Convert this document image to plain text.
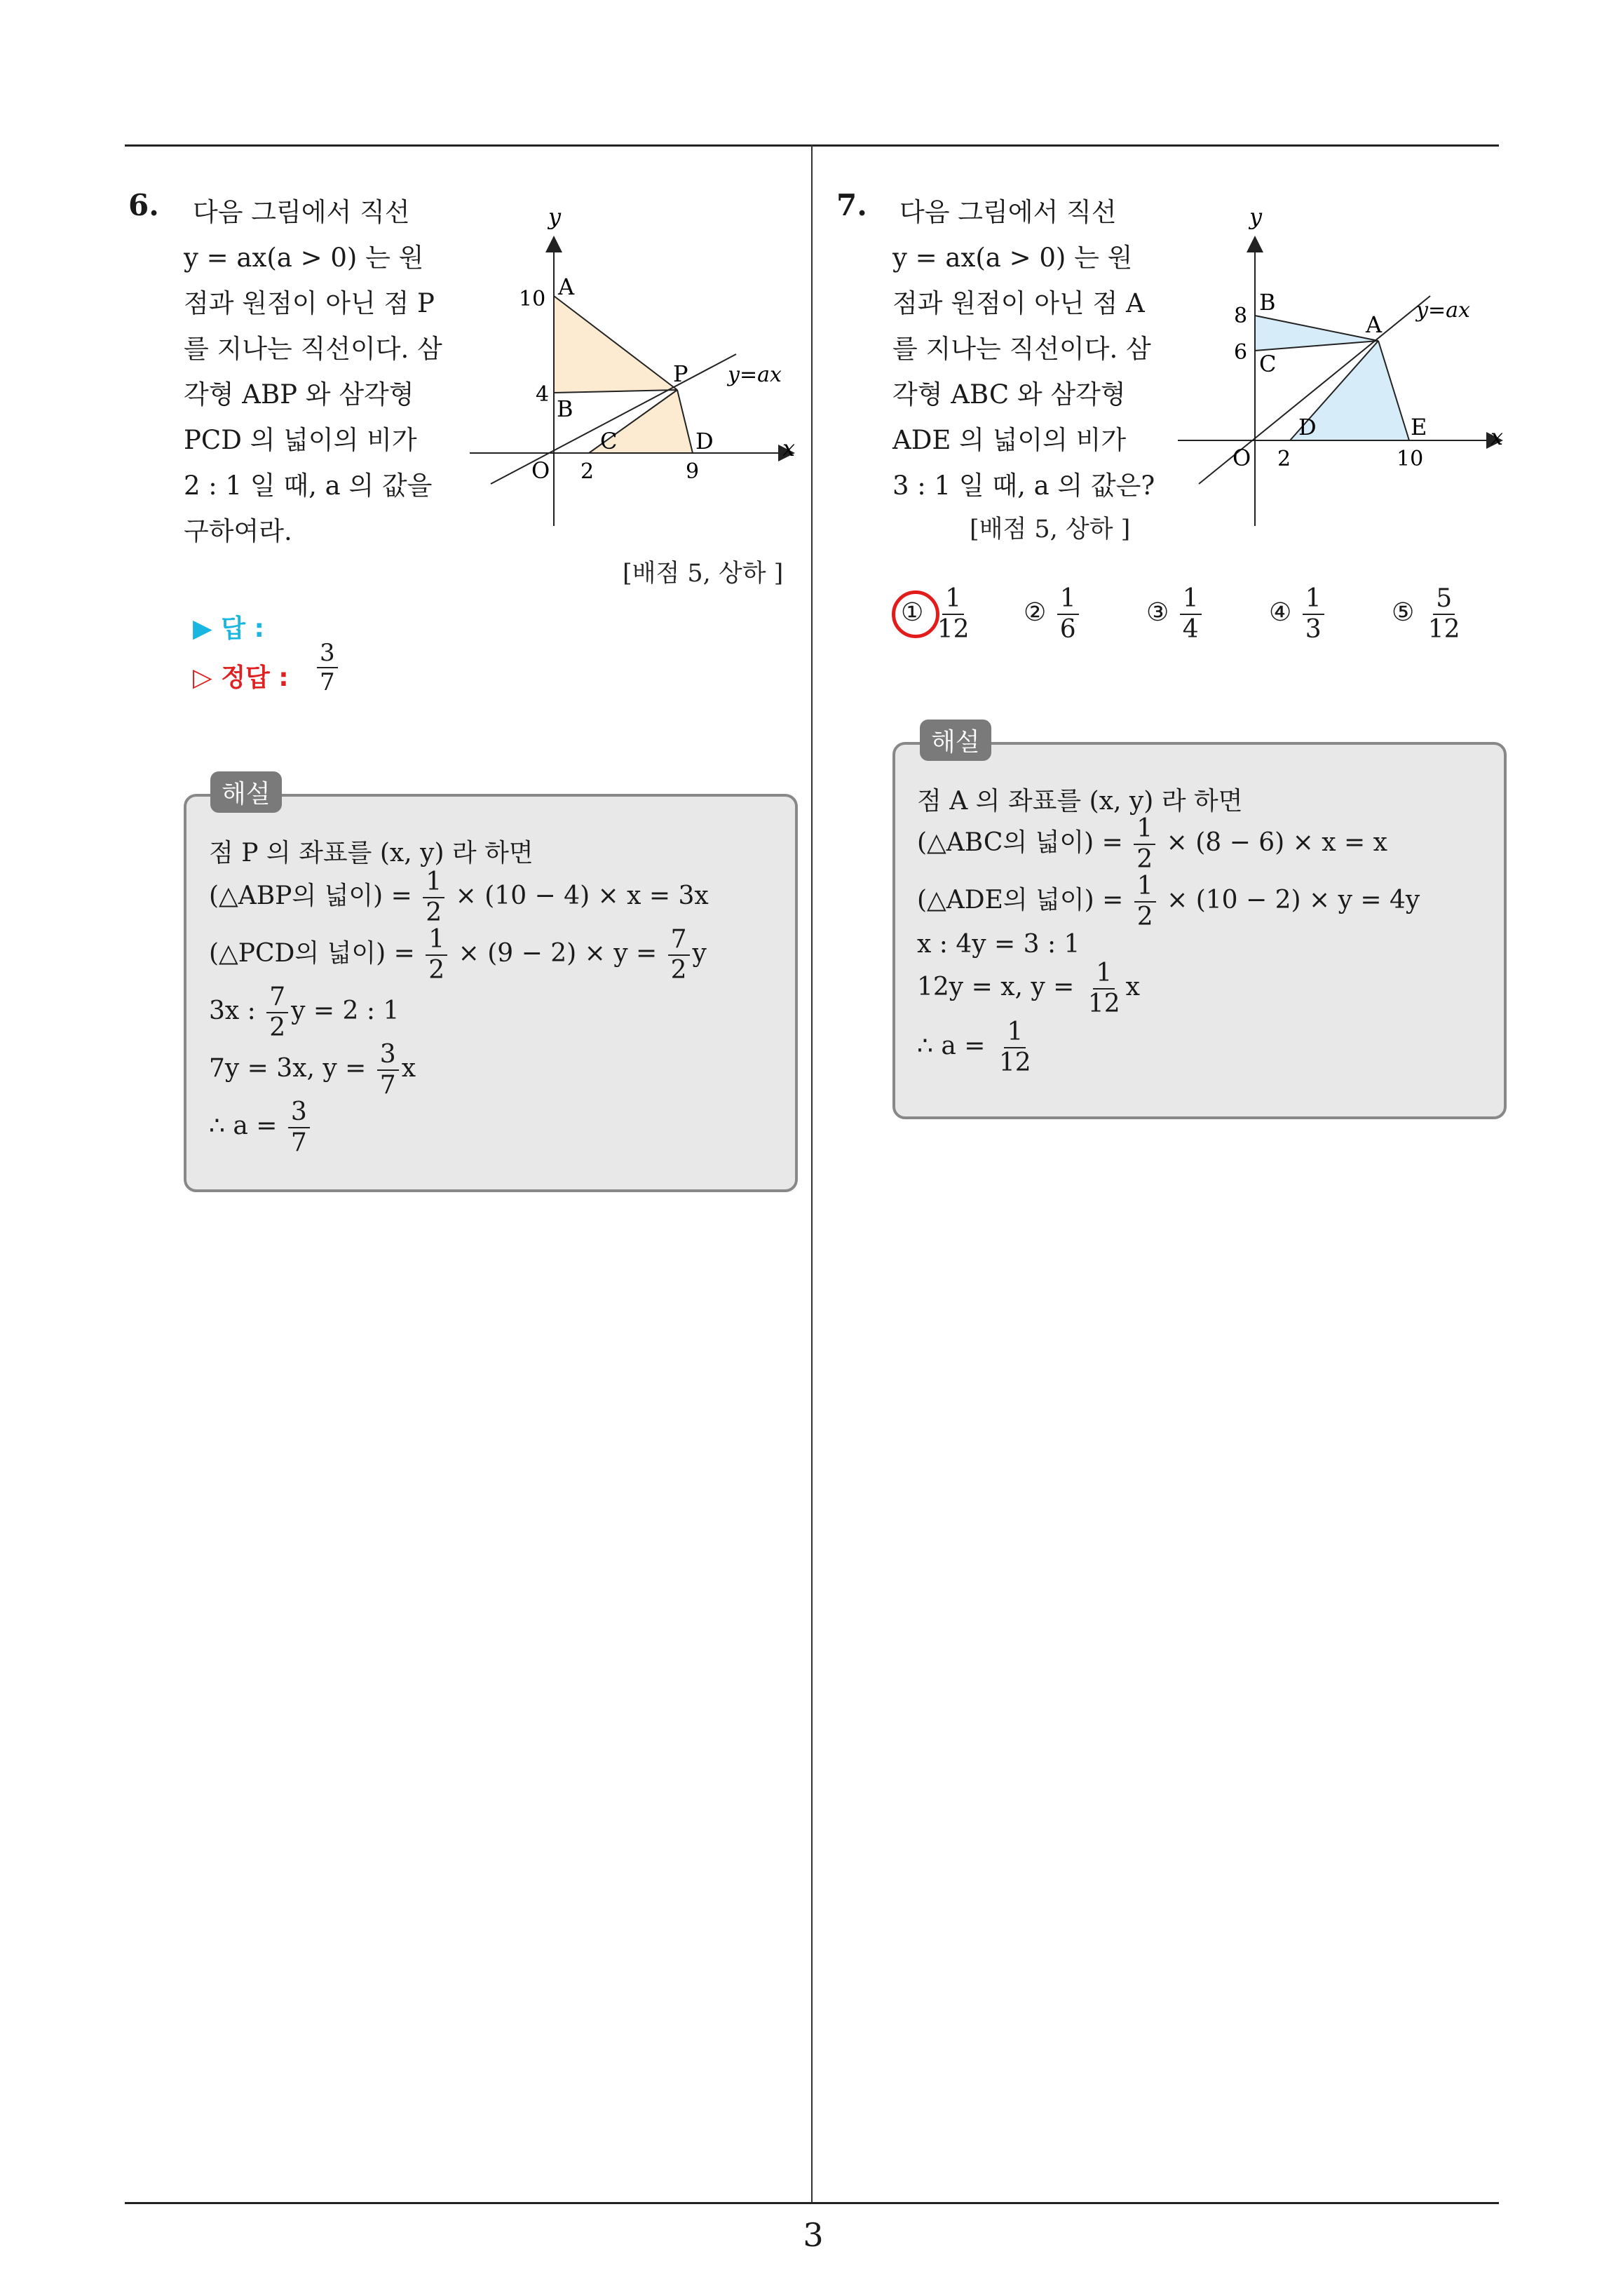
3
6. 다음 그림에서 직선
y = ax(a > 0) 는 원
점과 원점이 아닌 점 P
를 지나는 직선이다. 삼
각형 ABP 와 삼각형
PCD 의 넓이의 비가
2 : 1 일 때, a 의 값을
구하여라.
y
x
O
A
B
C	D
P
10
4
2	9
y=ax
[배점 5, 상하 ]
▶ 답 :
▷ 정답 : $\frac{3}{7}$
해설
점 P 의 좌표를 (x, y) 라 하면
(△ABP의 넓이) = $\frac{1}{2} \times (10 - 4) \times x = 3x$
(△PCD의 넓이) = $\frac{1}{2} \times (9 - 2) \times y = \frac{7}{2}$ y
3x : $\frac{7}{2}$ y = 2 : 1
7y = 3x, $y = \frac{3}{7}$ x
∴ $a = \frac{3}{7}$
7. 다음 그림에서 직선
y = ax(a > 0) 는 원
점과 원점이 아닌 점 A
를 지나는 직선이다. 삼
각형 ABC 와 삼각형
ADE 의 넓이의 비가
3 : 1 일 때, a 의 값은?
[배점 5, 상하 ]
y
x
O
B
C
A
D	E
8
6
2	10
y=ax
① $\frac{1}{12}$ ② $\frac{1}{6}$	③ $\frac{1}{4}$	④ $\frac{1}{3}$	⑤ $\frac{5}{12}$
해설
점 A 의 좌표를 (x, y) 라 하면
(△ABC의 넓이) = $\frac{1}{2} \times (8 - 6) \times x = x$
(△ADE의 넓이) = $\frac{1}{2} \times (10 - 2) \times y = 4y$
x : 4y = 3 : 1
12y = x, $y = \frac{1}{12}$ x
∴ $a = \frac{1}{12}$
